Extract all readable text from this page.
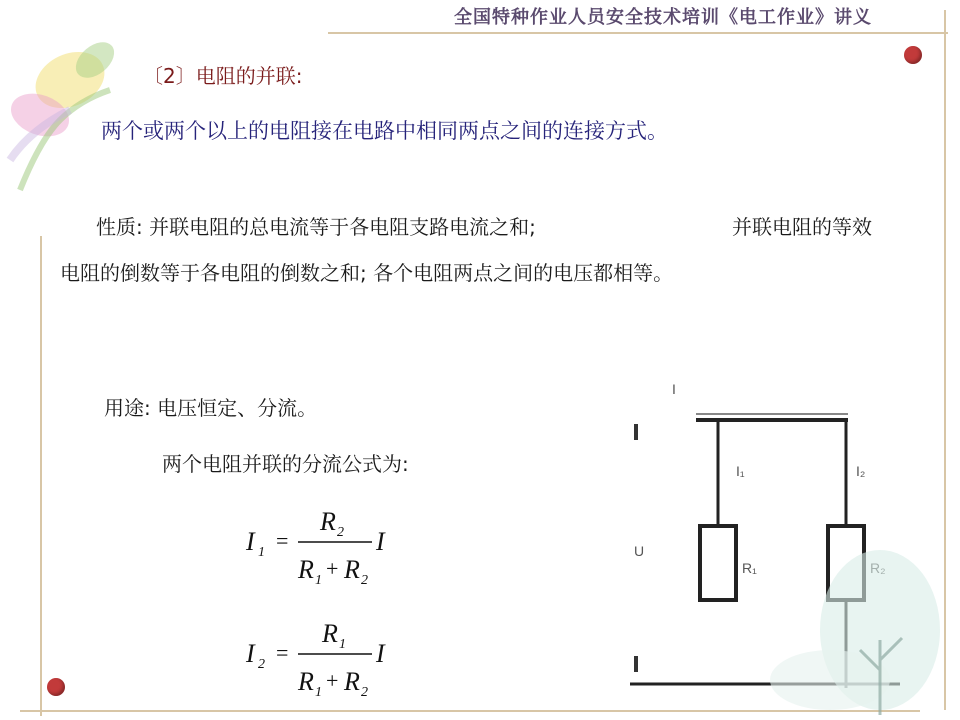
全国特种作业人员安全技术培训《电工作业》讲义
〔2〕电阻的并联:
两个或两个以上的电阻接在电路中相同两点之间的连接方式。
性质: 并联电阻的总电流等于各电阻支路电流之和;	并联电阻的等效
电阻的倒数等于各电阻的倒数之和; 各个电阻两点之间的电压都相等。
用途: 电压恒定、分流。
两个电阻并联的分流公式为:
I 1 =
R 2
R 1 + R 2
I
I 2 =
R 1
R 1 + R 2
I
I
U
I₁	I₂
R₁
